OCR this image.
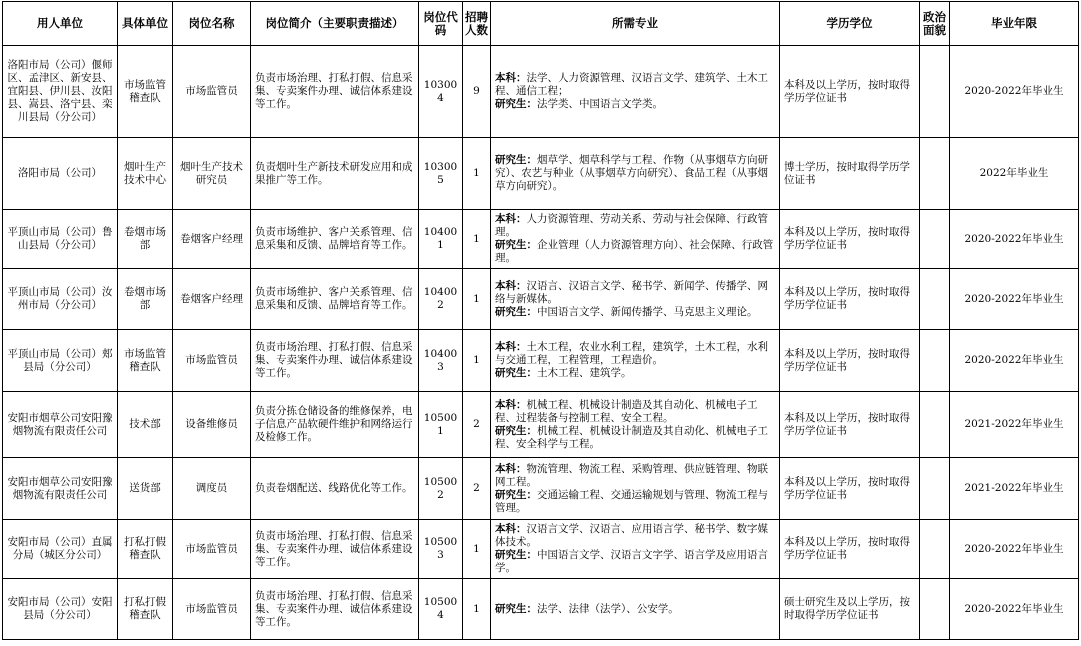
用人单位	具体单位	岗位名称	岗位简介（主要职责描述）	岗位代码	招聘人数	所需专业	学历学位	政治面貌	毕业年限
洛阳市局（公司）偃师区、孟津区、新安县、宜阳县、伊川县、汝阳县、嵩县、洛宁县、栾川县局（分公司）	市场监管稽查队	市场监管员	负责市场治理、打私打假、信息采集、专卖案件办理、诚信体系建设等工作。	103004	9	本科：法学、人力资源管理、汉语言文学、建筑学、土木工程、通信工程；
研究生：法学类、中国语言文学类。	本科及以上学历，按时取得学历学位证书		2020-2022年毕业生
洛阳市局（公司）	烟叶生产技术中心	烟叶生产技术研究员	负责烟叶生产新技术研发应用和成果推广等工作。	103005	1	研究生：烟草学、烟草科学与工程、作物（从事烟草方向研究）、农艺与种业（从事烟草方向研究）、食品工程（从事烟草方向研究）。	博士学历，按时取得学历学位证书		2022年毕业生
平顶山市局（公司）鲁山县局（分公司）	卷烟市场部	卷烟客户经理	负责市场维护、客户关系管理、信息采集和反馈、品牌培育等工作。	104001	1	本科：人力资源管理、劳动关系、劳动与社会保障、行政管理。
研究生：企业管理（人力资源管理方向）、社会保障、行政管理。	本科及以上学历，按时取得学历学位证书		2020-2022年毕业生
平顶山市局（公司）汝州市局（分公司）	卷烟市场部	卷烟客户经理	负责市场维护、客户关系管理、信息采集和反馈、品牌培育等工作。	104002	1	本科：汉语言、汉语言文学、秘书学、新闻学、传播学、网络与新媒体。
研究生：中国语言文学、新闻传播学、马克思主义理论。	本科及以上学历，按时取得学历学位证书		2020-2022年毕业生
平顶山市局（公司）郏县局（分公司）	市场监管稽查队	市场监管员	负责市场治理、打私打假、信息采集、专卖案件办理、诚信体系建设等工作。	104003	1	本科：土木工程，农业水利工程，建筑学，土木工程，水利与交通工程，工程管理，工程造价。
研究生：土木工程、建筑学。	本科及以上学历，按时取得学历学位证书		2020-2022年毕业生
安阳市烟草公司安阳豫烟物流有限责任公司	技术部	设备维修员	负责分拣仓储设备的维修保养，电子信息产品软硬件维护和网络运行及检修工作。	105001	2	本科：机械工程、机械设计制造及其自动化、机械电子工程、过程装备与控制工程、安全工程。
研究生：机械工程、机械设计制造及其自动化、机械电子工程、安全科学与工程。	本科及以上学历，按时取得学历学位证书		2021-2022年毕业生
安阳市烟草公司安阳豫烟物流有限责任公司	送货部	调度员	负责卷烟配送、线路优化等工作。	105002	2	本科：物流管理、物流工程、采购管理、供应链管理、物联网工程。
研究生：交通运输工程、交通运输规划与管理、物流工程与管理。	本科及以上学历，按时取得学历学位证书		2021-2022年毕业生
安阳市局（公司）直属分局（城区分公司）	打私打假稽查队	市场监管员	负责市场治理、打私打假、信息采集、专卖案件办理、诚信体系建设等工作。	105003	1	本科：汉语言文学、汉语言、应用语言学、秘书学、数字媒体技术。
研究生：中国语言文学、汉语言文字学、语言学及应用语言学。	本科及以上学历，按时取得学历学位证书		2020-2022年毕业生
安阳市局（公司）安阳县局（分公司）	打私打假稽查队	市场监管员	负责市场治理、打私打假、信息采集、专卖案件办理、诚信体系建设等工作。	105004	1	研究生：法学、法律（法学）、公安学。	硕士研究生及以上学历，按时取得学历学位证书		2020-2022年毕业生
